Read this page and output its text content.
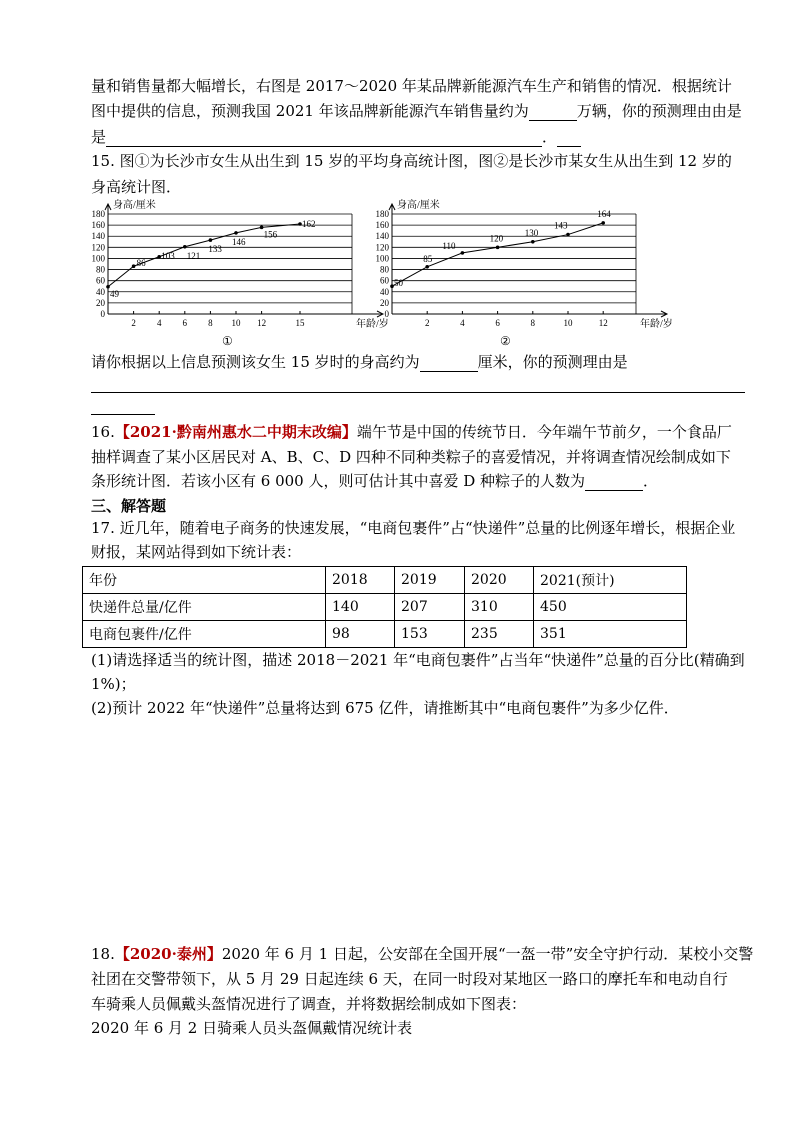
量和销售量都大幅增长，右图是 2017～2020 年某品牌新能源汽车生产和销售的情况．根据统计
图中提供的信息，预测我国 2021 年该品牌新能源汽车销售量约为	万辆，你的预测理由由是
是	．
15. 图①为长沙市女生从出生到 15 岁的平均身高统计图，图②是长沙市某女生从出生到 12 岁的
身高统计图．
0
20
40
60
80
100
120
140
160
180
身高/厘米
年龄/岁
2 4 6 8 10 12	15
49
86
103 121
133
146
156
162
0
20
40
60
80
100
120
140
160
180
身高/厘米
年龄/岁
2	4	6	8	10	12
50
85
110
120
130
143
164
①	②
请你根据以上信息预测该女生 15 岁时的身高约为	厘米，你的预测理由是
16.【2021·黔南州惠水二中期末改编】端午节是中国的传统节日．今年端午节前夕，一个食品厂
抽样调查了某小区居民对 A、B、C、D 四种不同种类粽子的喜爱情况，并将调查情况绘制成如下
条形统计图．若该小区有 6 000 人，则可估计其中喜爱 D 种粽子的人数为	．
三、解答题
17. 近几年，随着电子商务的快速发展，“电商包裹件”占“快递件”总量的比例逐年增长，根据企业
财报，某网站得到如下统计表：
年份	2018	2019	2020	2021(预计)
快递件总量/亿件	140	207	310	450
电商包裹件/亿件	98	153	235	351
(1)请选择适当的统计图，描述 2018－2021 年“电商包裹件”占当年“快递件”总量的百分比(精确到
1%)；
(2)预计 2022 年“快递件”总量将达到 675 亿件，请推断其中“电商包裹件”为多少亿件．
18.【2020·泰州】2020 年 6 月 1 日起，公安部在全国开展“一盔一带”安全守护行动．某校小交警
社团在交警带领下，从 5 月 29 日起连续 6 天，在同一时段对某地区一路口的摩托车和电动自行
车骑乘人员佩戴头盔情况进行了调查，并将数据绘制成如下图表：
2020 年 6 月 2 日骑乘人员头盔佩戴情况统计表
